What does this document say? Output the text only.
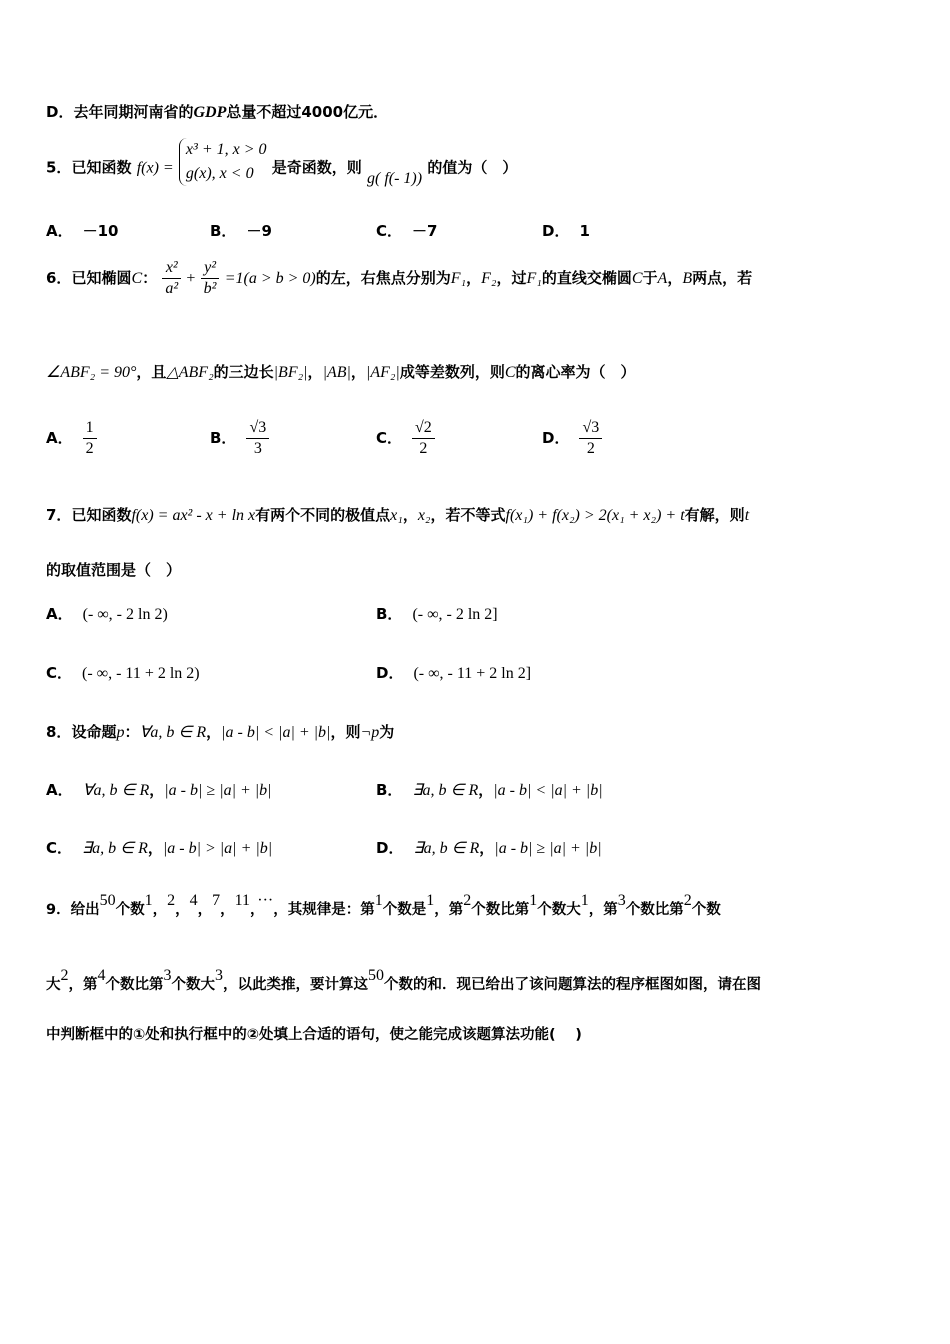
D．去年同期河南省的GDP总量不超过4000亿元．
5．已知函数 f(x) =
x³ + 1, x > 0
g(x), x < 0	是奇函数，则 g( f(- 1)) 的值为（　）
A． －10	B． －9	C． －7	D． 1
6．已知椭圆C： $\frac{\text{x²}}{\text{a²}} + \frac{\text{y²}}{\text{b²}} =1(a > b > 0)$的左，右焦点分别为F₁，F₂，过F₁的直线交椭圆C于A，B两点，若
∠ABF₂ = 90°，且△ABF₂的三边长|BF₂|，|AB|，|AF₂|成等差数列，则C的离心率为（　）
A． $\frac{1}{2}$	B． $\frac{√3}{3}$	C． $\frac{√2}{2}$	D． $\frac{√3}{2}$
7．已知函数f(x) = ax² - x + ln x有两个不同的极值点x₁，x₂，若不等式f(x₁) + f(x₂) > 2(x₁ + x₂) + t有解，则t
的取值范围是（　）
A． (- ∞, - 2 ln 2)	B． (- ∞, - 2 ln 2]
C． (- ∞, - 11 + 2 ln 2)	D． (- ∞, - 11 + 2 ln 2]
8．设命题p：∀a, b ∈ R，|a - b| < |a| + |b|，则¬p为
A． ∀a, b ∈ R，|a - b| ≥ |a| + |b|	B． ∃a, b ∈ R，|a - b| < |a| + |b|
C． ∃a, b ∈ R，|a - b| > |a| + |b|	D． ∃a, b ∈ R，|a - b| ≥ |a| + |b|
9．给出50个数1，2，4，7，11，···，其规律是：第1个数是1，第2个数比第1个数大1，第3个数比第2个数
大2，第4个数比第3个数大3，以此类推，要计算这50个数的和．现已给出了该问题算法的程序框图如图，请在图
中判断框中的①处和执行框中的②处填上合适的语句，使之能完成该题算法功能(　 )
